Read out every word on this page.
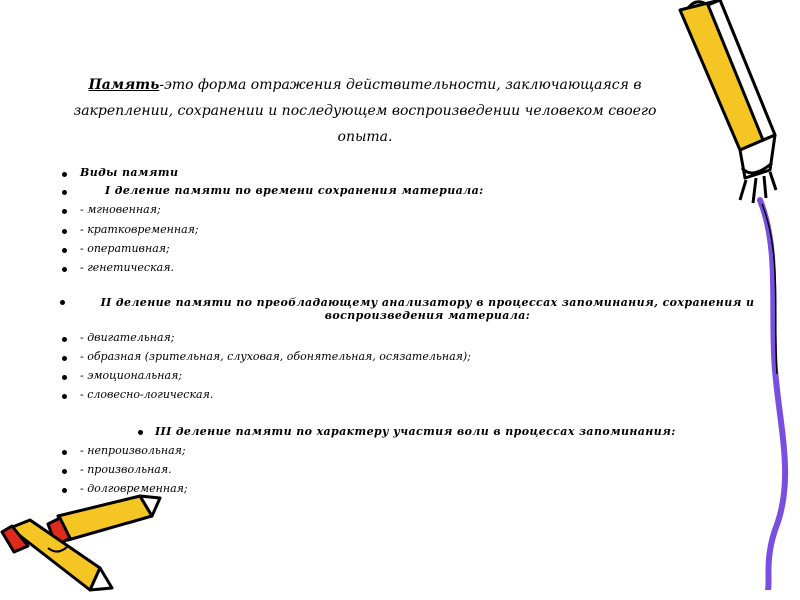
Память-это форма отражения действительности, заключающаяся в закреплении, сохранении и последующем воспроизведении человеком своего опыта.
Виды памяти
I деление памяти по времени сохранения материала:
- мгновенная;
- кратковременная;
- оперативная;
- генетическая.
II деление памяти по преобладающему анализатору в процессах запоминания, сохранения и воспроизведения материала:
- двигательная;
- образная (зрительная, слуховая, обонятельная, осязательная);
- эмоциональная;
- словесно-логическая.
III деление памяти по характеру участия воли в процессах запоминания:
- непроизвольная;
- произвольная.
- долговременная;
